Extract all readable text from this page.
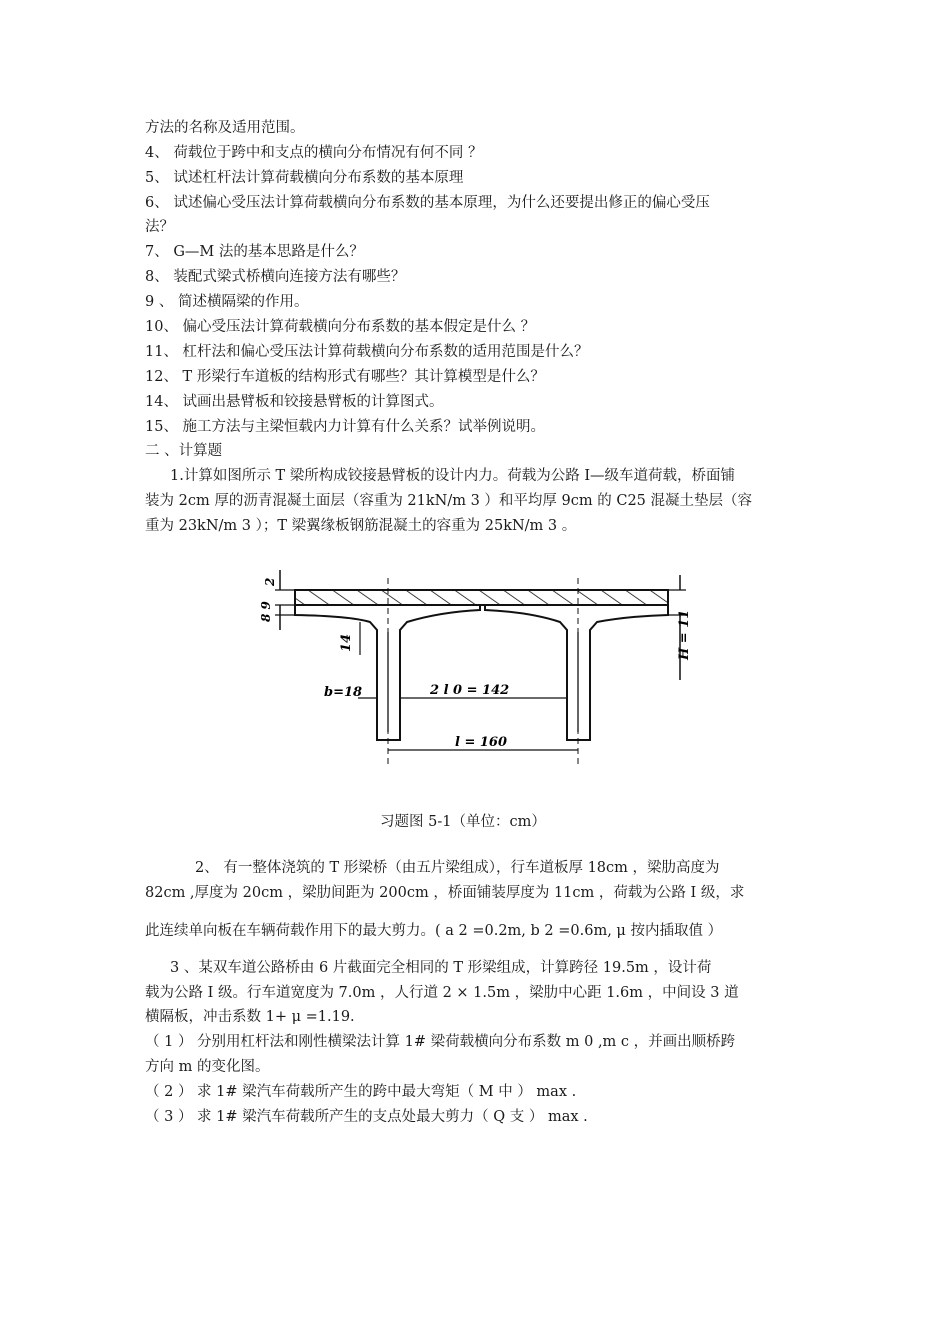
方法的名称及适用范围。
4、 荷载位于跨中和支点的横向分布情况有何不同 ？
5、 试述杠杆法计算荷载横向分布系数的基本原理
6、 试述偏心受压法计算荷载横向分布系数的基本原理，为什么还要提出修正的偏心受压
法？
7、 G—M 法的基本思路是什么？
8、 装配式梁式桥横向连接方法有哪些？
9 、 简述横隔梁的作用。
10、 偏心受压法计算荷载横向分布系数的基本假定是什么 ？
11、 杠杆法和偏心受压法计算荷载横向分布系数的适用范围是什么？
12、 T 形梁行车道板的结构形式有哪些？其计算模型是什么？
14、 试画出悬臂板和铰接悬臂板的计算图式。
15、 施工方法与主梁恒载内力计算有什么关系？试举例说明。
二 、计算题
1.计算如图所示 T 梁所构成铰接悬臂板的设计内力。荷载为公路 I—级车道荷载，桥面铺
装为 2cm 厚的沥青混凝土面层（容重为 21kN/m 3 ）和平均厚 9cm 的 C25 混凝土垫层（容
重为 23kN/m 3 ）；T 梁翼缘板钢筋混凝土的容重为 25kN/m 3 。
2
8 9
14
b=18	2 l 0 = 142
l = 160
H = 11
习题图 5-1（单位：cm）
2、 有一整体浇筑的 T 形梁桥（由五片梁组成），行车道板厚 18cm ，梁肋高度为
82cm ,厚度为 20cm ，梁肋间距为 200cm ，桥面铺装厚度为 11cm ，荷载为公路 I 级，求
此连续单向板在车辆荷载作用下的最大剪力。( a 2 =0.2m, b 2 =0.6m, μ 按内插取值 ）
3 、某双车道公路桥由 6 片截面完全相同的 T 形梁组成，计算跨径 19.5m ，设计荷
载为公路 I 级。行车道宽度为 7.0m ，人行道 2 × 1.5m ，梁肋中心距 1.6m ，中间设 3 道
横隔板，冲击系数 1+ μ =1.19.
（ 1 ） 分别用杠杆法和刚性横梁法计算 1# 梁荷载横向分布系数 m 0 ,m c ，并画出顺桥跨
方向 m 的变化图。
（ 2 ） 求 1# 梁汽车荷载所产生的跨中最大弯矩（ M 中 ） max .
（ 3 ） 求 1# 梁汽车荷载所产生的支点处最大剪力（ Q 支 ） max .
